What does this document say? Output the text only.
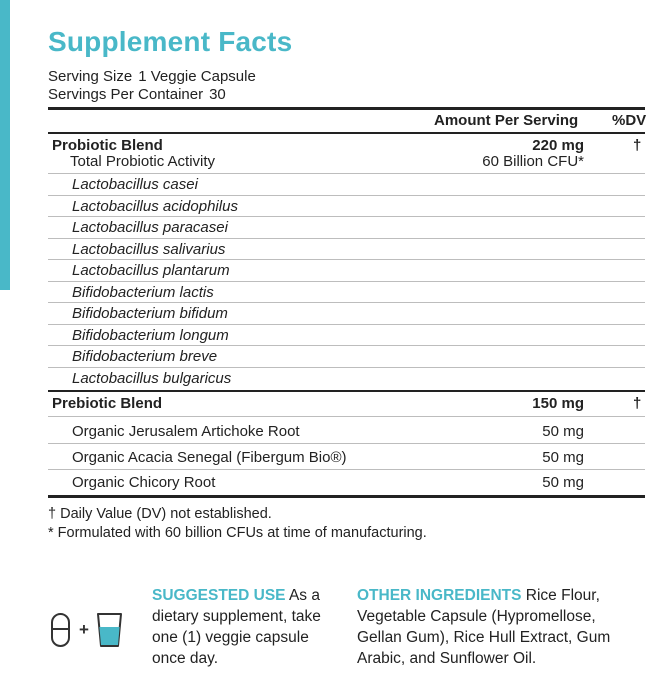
Supplement Facts
Serving Size 1 Veggie Capsule
Servings Per Container 30
Amount Per Serving %DV
Probiotic Blend	220 mg	†
Total Probiotic Activity	60 Billion CFU*
Lactobacillus casei
Lactobacillus acidophilus
Lactobacillus paracasei
Lactobacillus salivarius
Lactobacillus plantarum
Bifidobacterium lactis
Bifidobacterium bifidum
Bifidobacterium longum
Bifidobacterium breve
Lactobacillus bulgaricus
Prebiotic Blend	150 mg	†
Organic Jerusalem Artichoke Root	50 mg
Organic Acacia Senegal (Fibergum Bio®)	50 mg
Organic Chicory Root	50 mg
† Daily Value (DV) not established.
* Formulated with 60 billion CFUs at time of manufacturing.
+
SUGGESTED USE As a dietary supplement, take one (1) veggie capsule once day.
OTHER INGREDIENTS Rice Flour, Vegetable Capsule (Hypromellose, Gellan Gum), Rice Hull Extract, Gum Arabic, and Sunflower Oil.
